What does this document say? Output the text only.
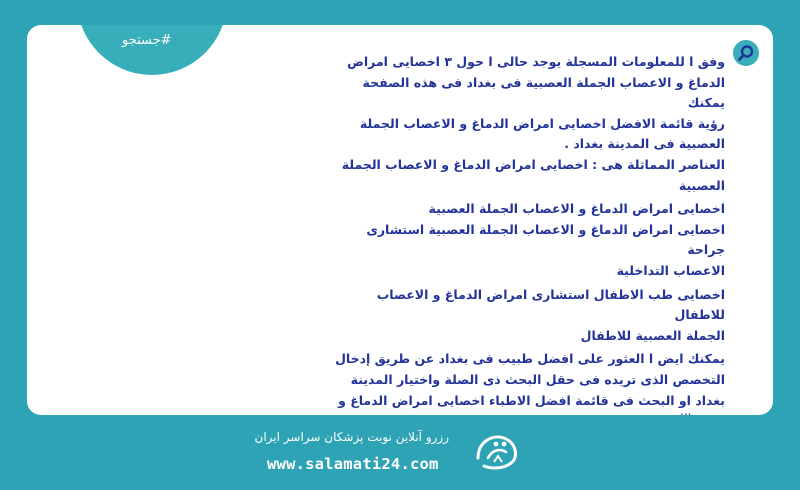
#جستجو
وفق ا للمعلومات المسجلة یوجد حالی ا حول ٣ اخصایی امراض
الدماغ و الاعصاب الجملة العصبیة فی بغداد فی هذه الصفحة یمكنك
رؤیة قائمة الافضل اخصایی امراض الدماغ و الاعصاب الجملة
العصبیة فی المدینة بغداد .
العناصر المماثلة هی : اخصایی امراض الدماغ و الاعصاب الجملة
العصبیة
اخصایی امراض الدماغ و الاعصاب الجملة العصبیة
اخصایی امراض الدماغ و الاعصاب الجملة العصبیة استشاری جراحة
الاعصاب التداخلیة
اخصایی طب الاطفال استشاری امراض الدماغ و الاعصاب للاطفال
الجملة العصبیة للاطفال
یمكنك ایض ا العثور علی افضل طبیب فی بغداد عن طریق إدخال
التخصص الذی تریده فی حقل البحث ذی الصلة واختیار المدینة
بغداد او البحث فی قائمة افضل الاطباء اخصایی امراض الدماغ و
...
رزرو آنلاین نوبت پزشکان سراسر ایران
www.salamati24.com
